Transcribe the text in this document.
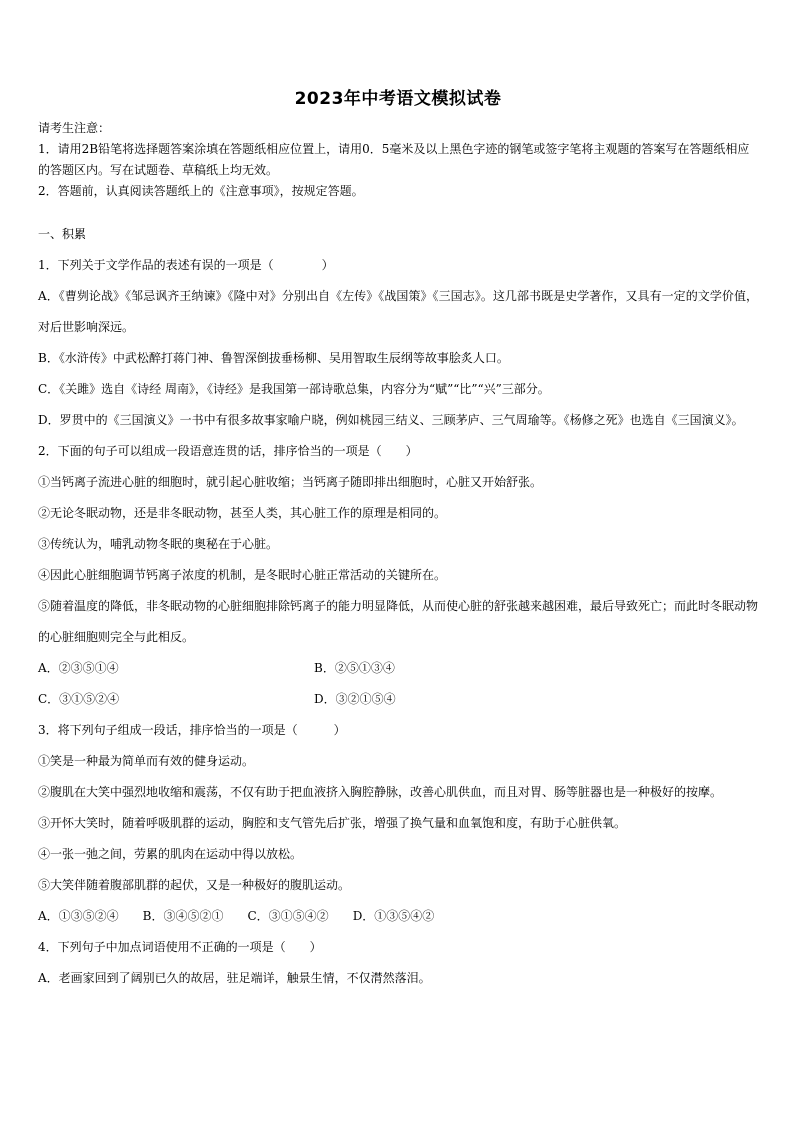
2023年中考语文模拟试卷

请考生注意：

1．请用2B铅笔将选择题答案涂填在答题纸相应位置上，请用0．5毫米及以上黑色字迹的钢笔或签字笔将主观题的答案写在答题纸相应的答题区内。写在试题卷、草稿纸上均无效。

2．答题前，认真阅读答题纸上的《注意事项》，按规定答题。

一、积累

1．下列关于文学作品的表述有误的一项是（　　　　）

A．《曹刿论战》《邹忌讽齐王纳谏》《隆中对》分别出自《左传》《战国策》《三国志》。这几部书既是史学著作，又具有一定的文学价值，对后世影响深远。

B．《水浒传》中武松醉打蒋门神、鲁智深倒拔垂杨柳、吴用智取生辰纲等故事脍炙人口。

C．《关雎》选自《诗经 周南》，《诗经》是我国第一部诗歌总集，内容分为“赋”“比”“兴”三部分。

D．罗贯中的《三国演义》一书中有很多故事家喻户晓，例如桃园三结义、三顾茅庐、三气周瑜等。《杨修之死》也选自《三国演义》。

2．下面的句子可以组成一段语意连贯的话，排序恰当的一项是（　　）

①当钙离子流进心脏的细胞时，就引起心脏收缩；当钙离子随即排出细胞时，心脏又开始舒张。

②无论冬眠动物，还是非冬眠动物，甚至人类，其心脏工作的原理是相同的。

③传统认为，哺乳动物冬眠的奥秘在于心脏。

④因此心脏细胞调节钙离子浓度的机制，是冬眠时心脏正常活动的关键所在。

⑤随着温度的降低，非冬眠动物的心脏细胞排除钙离子的能力明显降低，从而使心脏的舒张越来越困难，最后导致死亡；而此时冬眠动物的心脏细胞则完全与此相反。

A．②③⑤①④	B．②⑤①③④
C．③①⑤②④	D．③②①⑤④

3．将下列句子组成一段话，排序恰当的一项是（　　　）

①笑是一种最为简单而有效的健身运动。

②腹肌在大笑中强烈地收缩和震荡，不仅有助于把血液挤入胸腔静脉，改善心肌供血，而且对胃、肠等脏器也是一种极好的按摩。

③开怀大笑时，随着呼吸肌群的运动，胸腔和支气管先后扩张，增强了换气量和血氧饱和度，有助于心脏供氧。

④一张一弛之间，劳累的肌肉在运动中得以放松。

⑤大笑伴随着腹部肌群的起伏，又是一种极好的腹肌运动。

A．①③⑤②④ B．③④⑤②① C．③①⑤④② D．①③⑤④②

4．下列句子中加点词语使用不正确的一项是（　　）

A．老画家回到了阔别已久的故居，驻足端详，触景生情，不仅潸然落泪。
